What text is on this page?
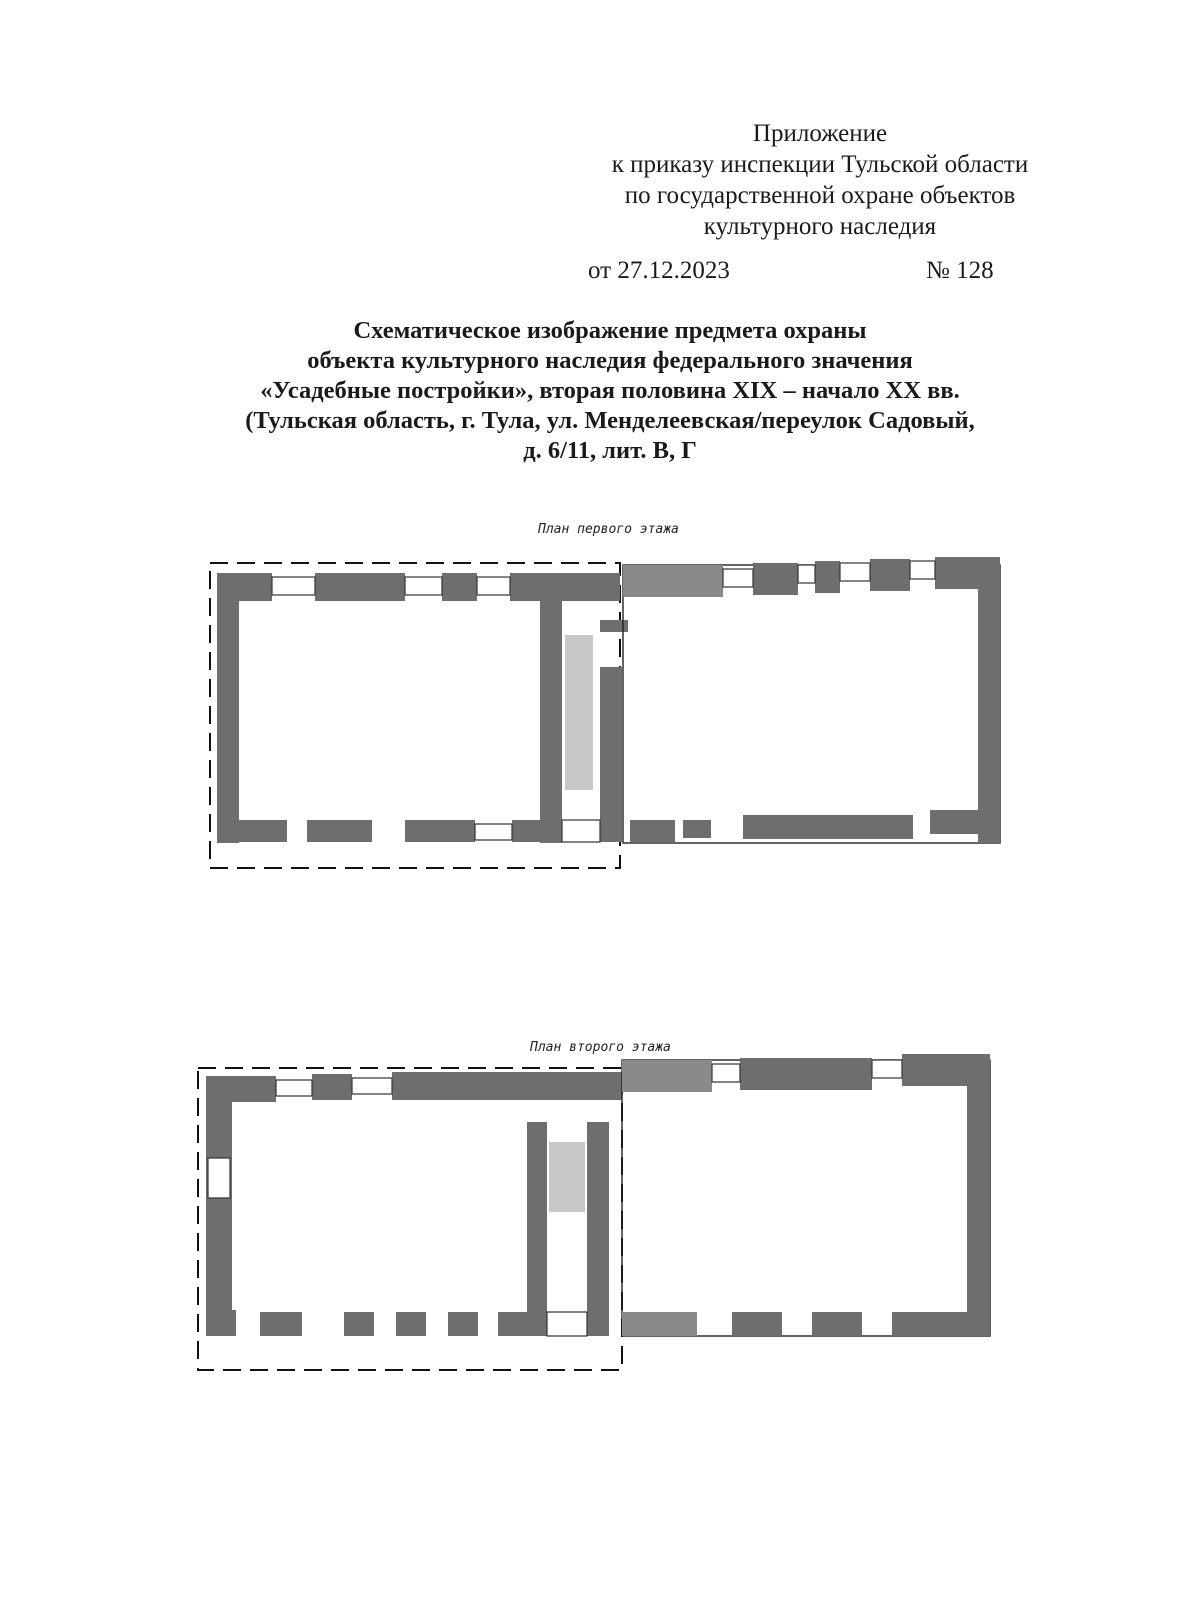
Приложение
к приказу инспекции Тульской области
по государственной охране объектов
культурного наследия
от 27.12.2023	№ 128
Схематическое изображение предмета охраны
объекта культурного наследия федерального значения
«Усадебные постройки», вторая половина XIX – начало XX вв.
(Тульская область, г. Тула, ул. Менделеевская/переулок Садовый,
д. 6/11, лит. В, Г
План первого этажа
План второго этажа
